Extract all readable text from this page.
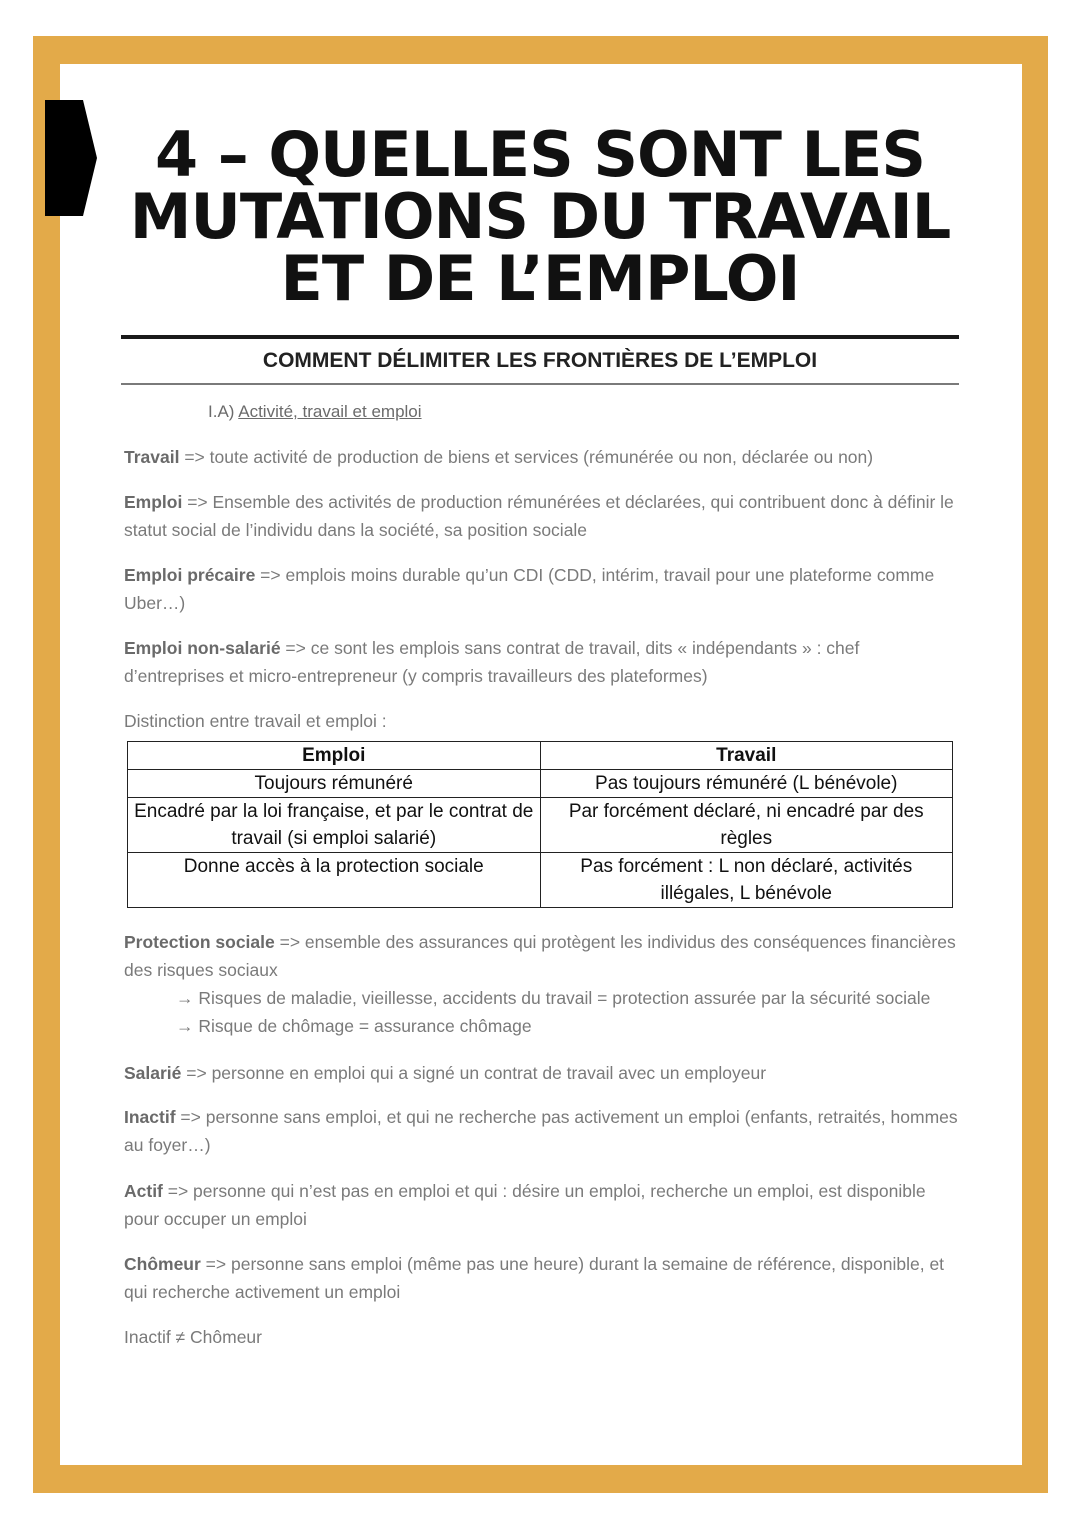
4 – QUELLES SONT LES
MUTATIONS DU TRAVAIL
ET DE L’EMPLOI
COMMENT DÉLIMITER LES FRONTIÈRES DE L’EMPLOI
I.A) Activité, travail et emploi
Travail => toute activité de production de biens et services (rémunérée ou non, déclarée ou non)
Emploi => Ensemble des activités de production rémunérées et déclarées, qui contribuent donc à définir le statut social de l’individu dans la société, sa position sociale
Emploi précaire => emplois moins durable qu’un CDI (CDD, intérim, travail pour une plateforme comme Uber…)
Emploi non-salarié => ce sont les emplois sans contrat de travail, dits « indépendants » : chef d’entreprises et micro-entrepreneur (y compris travailleurs des plateformes)
Distinction entre travail et emploi :
Emploi	Travail
Toujours rémunéré	Pas toujours rémunéré (L bénévole)
Encadré par la loi française, et par le contrat de travail (si emploi salarié)	Par forcément déclaré, ni encadré par des règles
Donne accès à la protection sociale	Pas forcément : L non déclaré, activités illégales, L bénévole
Protection sociale => ensemble des assurances qui protègent les individus des conséquences financières des risques sociaux
→ Risques de maladie, vieillesse, accidents du travail = protection assurée par la sécurité sociale
→ Risque de chômage = assurance chômage
Salarié => personne en emploi qui a signé un contrat de travail avec un employeur
Inactif => personne sans emploi, et qui ne recherche pas activement un emploi (enfants, retraités, hommes au foyer…)
Actif => personne qui n’est pas en emploi et qui : désire un emploi, recherche un emploi, est disponible pour occuper un emploi
Chômeur => personne sans emploi (même pas une heure) durant la semaine de référence, disponible, et qui recherche activement un emploi
Inactif ≠ Chômeur
